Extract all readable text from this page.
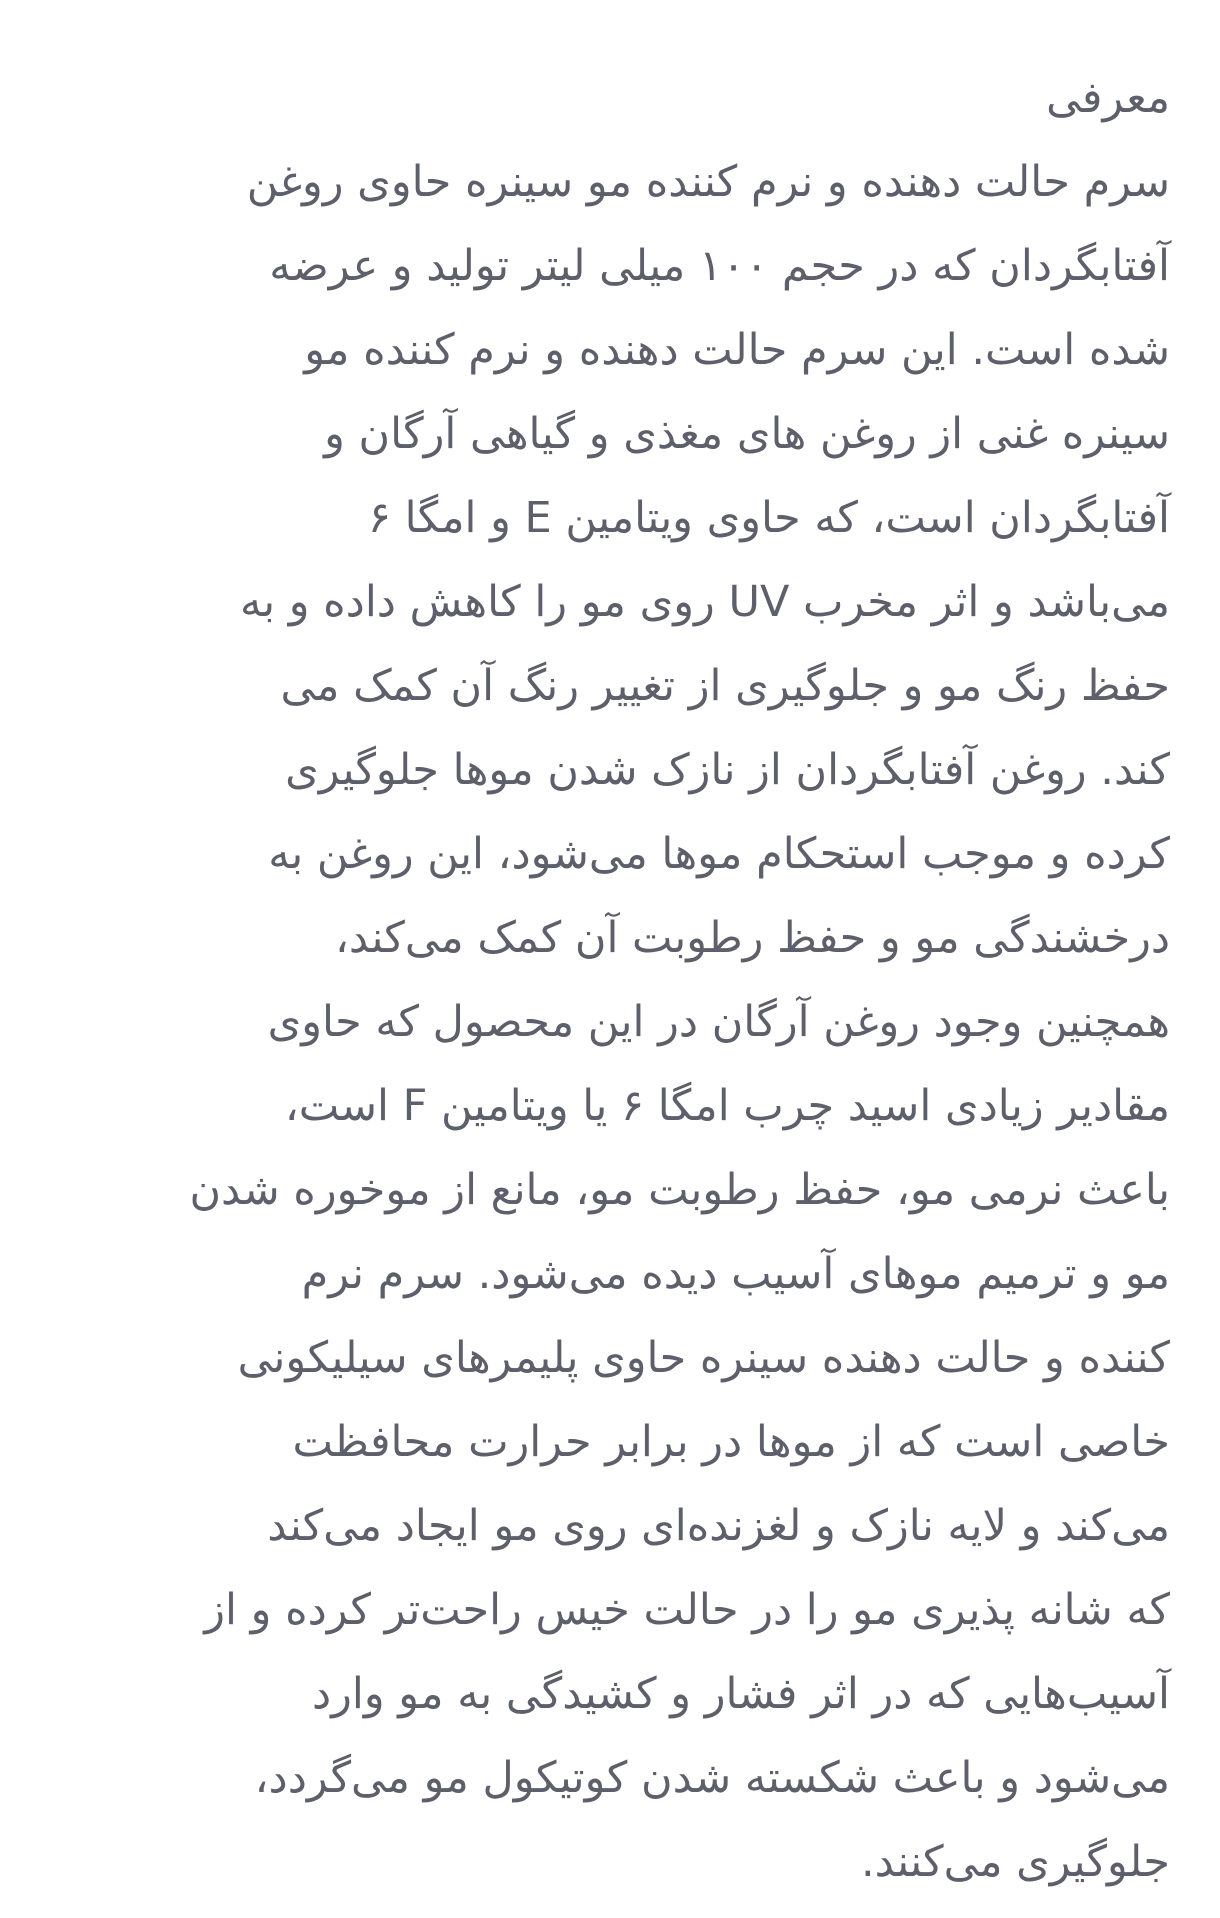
معرفی

سرم حالت دهنده و نرم کننده مو سینره حاوی روغن

آفتابگردان که در حجم ۱۰۰ میلی لیتر تولید و عرضه

شده است. این سرم حالت دهنده و نرم کننده مو

سینره غنی از روغن های مغذی و گیاهی آرگان و

آفتابگردان است، که حاوی ویتامین E و امگا ۶

می‌باشد و اثر مخرب UV روی مو را کاهش داده و به

حفظ رنگ مو و جلوگیری از تغییر رنگ آن کمک می

کند. روغن آفتابگردان از نازک شدن موها جلوگیری

کرده و موجب استحکام موها می‌شود، این روغن به

درخشندگی مو و حفظ رطوبت آن کمک می‌کند،

همچنین وجود روغن آرگان در این محصول که حاوی

مقادیر زیادی اسید چرب امگا ۶ یا ویتامین F است،

باعث نرمی مو، حفظ رطوبت مو، مانع از موخوره شدن

مو و ترمیم موهای آسیب دیده می‌شود. سرم نرم

کننده و حالت دهنده سینره حاوی پلیمرهای سیلیکونی

خاصی است که از موها در برابر حرارت محافظت

می‌کند و لایه نازک و لغزنده‌ای روی مو ایجاد می‌کند

که شانه پذیری مو را در حالت خیس راحت‌تر کرده و از

آسیب‌هایی که در اثر فشار و کشیدگی به مو وارد

می‌شود و باعث شکسته شدن کوتیکول مو می‌گردد،

جلوگیری می‌کنند.
